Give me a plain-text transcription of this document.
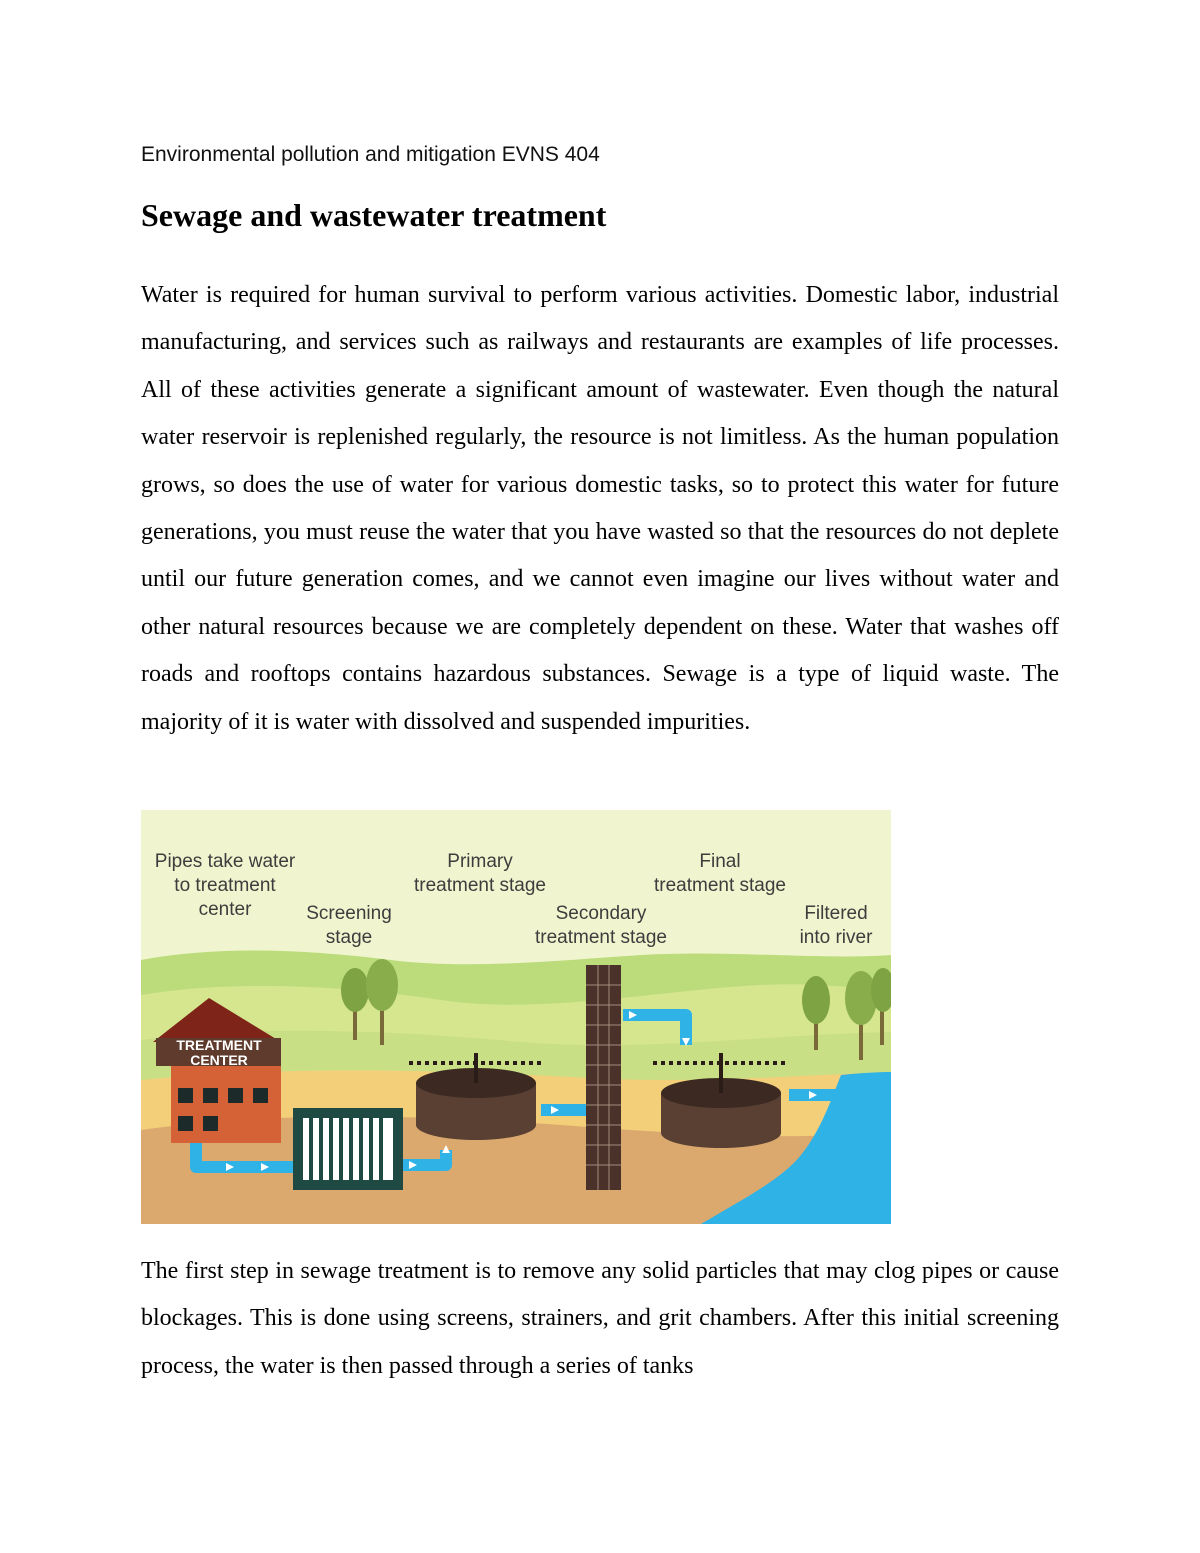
Environmental pollution and mitigation EVNS 404
Sewage and wastewater treatment

Water is required for human survival to perform various activities. Domestic labor, industrial manufacturing, and services such as railways and restaurants are examples of life processes. All of these activities generate a significant amount of wastewater. Even though the natural water reservoir is replenished regularly, the resource is not limitless. As the human population grows, so does the use of water for various domestic tasks, so to protect this water for future generations, you must reuse the water that you have wasted so that the resources do not deplete until our future generation comes, and we cannot even imagine our lives without water and other natural resources because we are completely dependent on these. Water that washes off roads and rooftops contains hazardous substances. Sewage is a type of liquid waste. The majority of it is water with dissolved and suspended impurities.

TREATMENT
CENTER
Pipes take water
to treatment
center	Screening
stage
Primary
treatment stage
Secondary
treatment stage
Final
treatment stage
Filtered
into river

The first step in sewage treatment is to remove any solid particles that may clog pipes or cause blockages. This is done using screens, strainers, and grit chambers. After this initial screening process, the water is then passed through a series of tanks
